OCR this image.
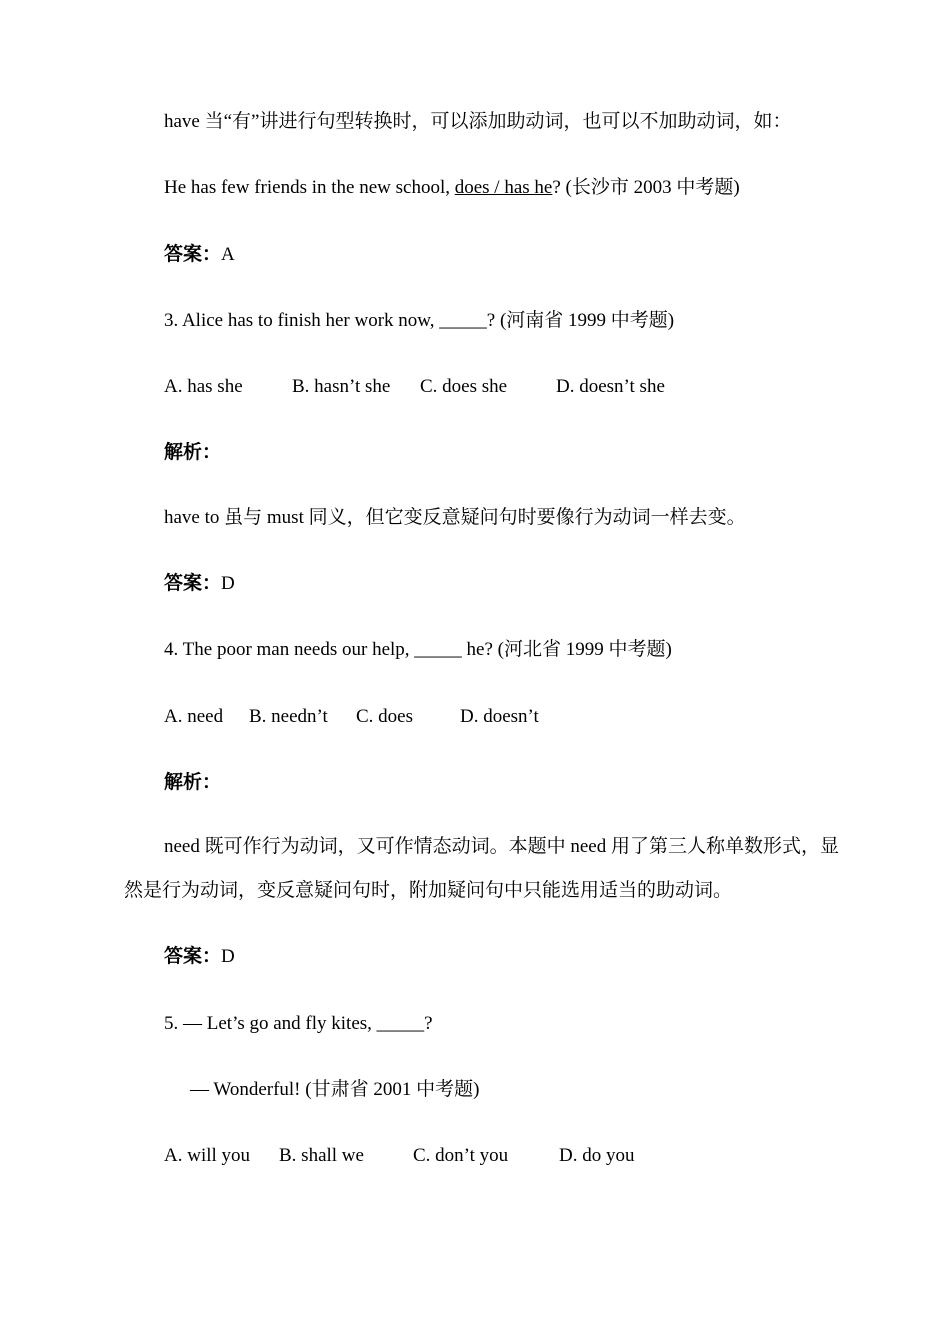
have 当“有”讲进行句型转换时，可以添加助动词，也可以不加助动词，如：
He has few friends in the new school, does / has he? (长沙市 2003 中考题)
答案：A
3. Alice has to finish her work now, _____? (河南省 1999 中考题)
A. has she	B. hasn’t she C. does she	D. doesn’t she
解析：
have to 虽与 must 同义，但它变反意疑问句时要像行为动词一样去变。
答案：D
4. The poor man needs our help, _____ he? (河北省 1999 中考题)
A. need B. needn’t C. does D. doesn’t
解析：
need 既可作行为动词，又可作情态动词。本题中 need 用了第三人称单数形式，显然是行为动词，变反意疑问句时，附加疑问句中只能选用适当的助动词。
答案：D
5. — Let’s go and fly kites, _____?
— Wonderful! (甘肃省 2001 中考题)
A. will you B. shall we	C. don’t you	D. do you
